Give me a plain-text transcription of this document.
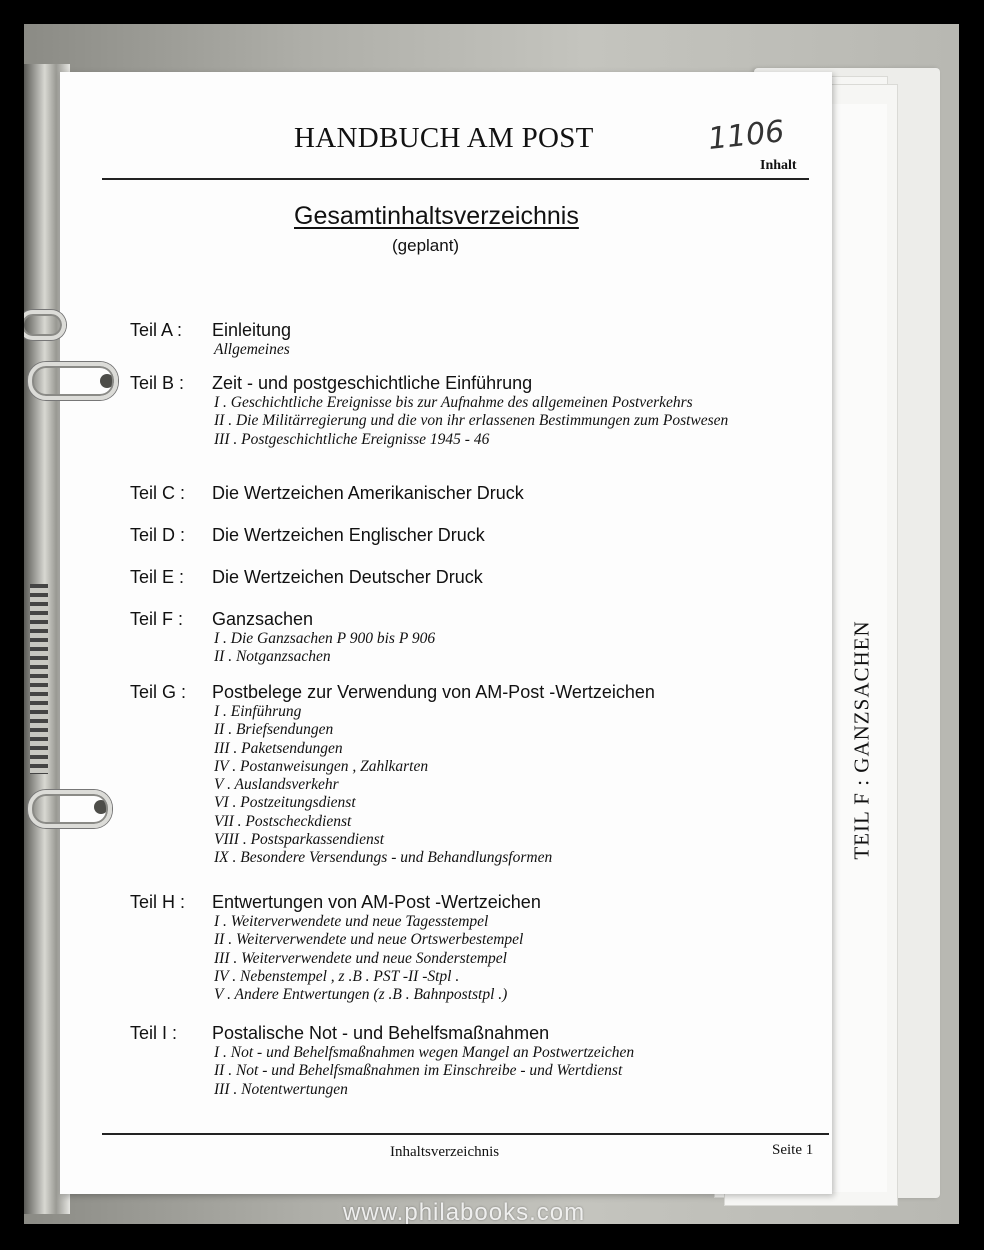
TEIL F : GANZSACHEN
HANDBUCH AM POST	1106
Inhalt
Gesamtinhaltsverzeichnis
(geplant)
Teil A : Einleitung
Allgemeines
Teil B : Zeit - und postgeschichtliche Einführung
I . Geschichtliche Ereignisse bis zur Aufnahme des allgemeinen Postverkehrs
II . Die Militärregierung und die von ihr erlassenen Bestimmungen zum Postwesen
III . Postgeschichtliche Ereignisse 1945 - 46
Teil C : Die Wertzeichen Amerikanischer Druck
Teil D : Die Wertzeichen Englischer Druck
Teil E : Die Wertzeichen Deutscher Druck
Teil F : Ganzsachen
I . Die Ganzsachen P 900 bis P 906
II . Notganzsachen
Teil G : Postbelege zur Verwendung von AM-Post -Wertzeichen
I . Einführung
II . Briefsendungen
III . Paketsendungen
IV . Postanweisungen , Zahlkarten
V . Auslandsverkehr
VI . Postzeitungsdienst
VII . Postscheckdienst
VIII . Postsparkassendienst
IX . Besondere Versendungs - und Behandlungsformen
Teil H : Entwertungen von AM-Post -Wertzeichen
I . Weiterverwendete und neue Tagesstempel
II . Weiterverwendete und neue Ortswerbestempel
III . Weiterverwendete und neue Sonderstempel
IV . Nebenstempel , z .B . PST -II -Stpl .
V . Andere Entwertungen (z .B . Bahnpoststpl .)
Teil I : Postalische Not - und Behelfsmaßnahmen
I . Not - und Behelfsmaßnahmen wegen Mangel an Postwertzeichen
II . Not - und Behelfsmaßnahmen im Einschreibe - und Wertdienst
III . Notentwertungen
Inhaltsverzeichnis	Seite 1
www.philabooks.com
